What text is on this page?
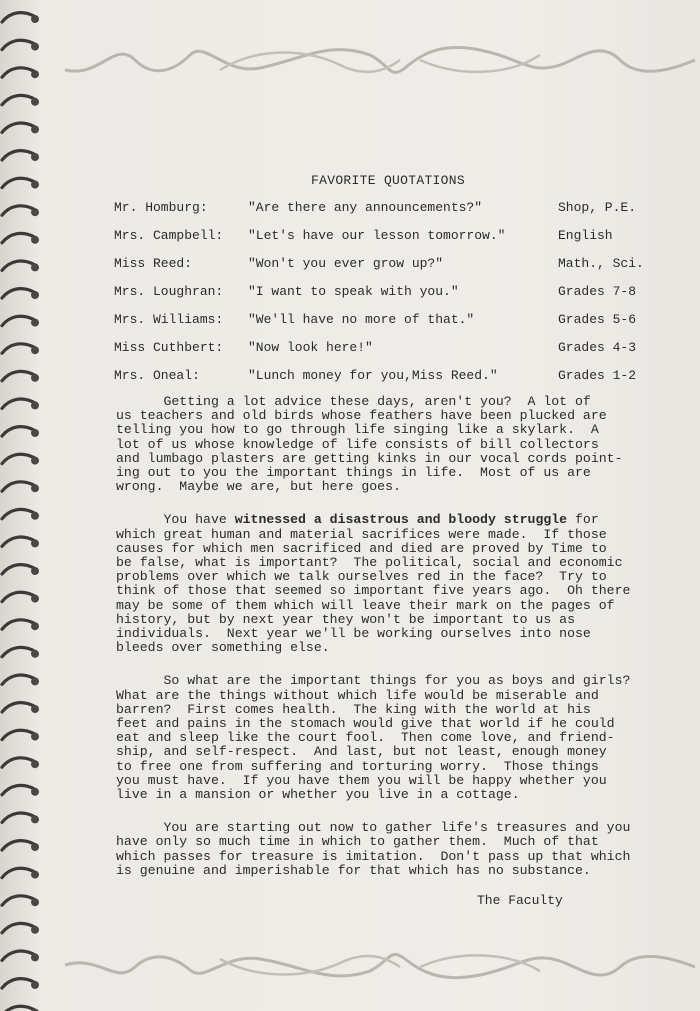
FAVORITE QUOTATIONS
Mr. Homburg:	"Are there any announcements?"	Shop, P.E.
Mrs. Campbell: "Let's have our lesson tomorrow."	English
Miss Reed:	"Won't you ever grow up?"	Math., Sci.
Mrs. Loughran: "I want to speak with you."	Grades 7-8
Mrs. Williams: "We'll have no more of that."	Grades 5-6
Miss Cuthbert: "Now look here!"	Grades 4-3
Mrs. Oneal:	"Lunch money for you,Miss Reed."	Grades 1-2
Getting a lot advice these days, aren't you?  A lot of
us teachers and old birds whose feathers have been plucked are
telling you how to go through life singing like a skylark.  A
lot of us whose knowledge of life consists of bill collectors
and lumbago plasters are getting kinks in our vocal cords point-
ing out to you the important things in life.  Most of us are
wrong.  Maybe we are, but here goes.
You have witnessed a disastrous and bloody struggle for
which great human and material sacrifices were made.  If those
causes for which men sacrificed and died are proved by Time to
be false, what is important?  The political, social and economic
problems over which we talk ourselves red in the face?  Try to
think of those that seemed so important five years ago.  Oh there
may be some of them which will leave their mark on the pages of
history, but by next year they won't be important to us as
individuals.  Next year we'll be working ourselves into nose
bleeds over something else.
So what are the important things for you as boys and girls?
What are the things without which life would be miserable and
barren?  First comes health.  The king with the world at his
feet and pains in the stomach would give that world if he could
eat and sleep like the court fool.  Then come love, and friend-
ship, and self-respect.  And last, but not least, enough money
to free one from suffering and torturing worry.  Those things
you must have.  If you have them you will be happy whether you
live in a mansion or whether you live in a cottage.
You are starting out now to gather life's treasures and you
have only so much time in which to gather them.  Much of that
which passes for treasure is imitation.  Don't pass up that which
is genuine and imperishable for that which has no substance.
The Faculty
